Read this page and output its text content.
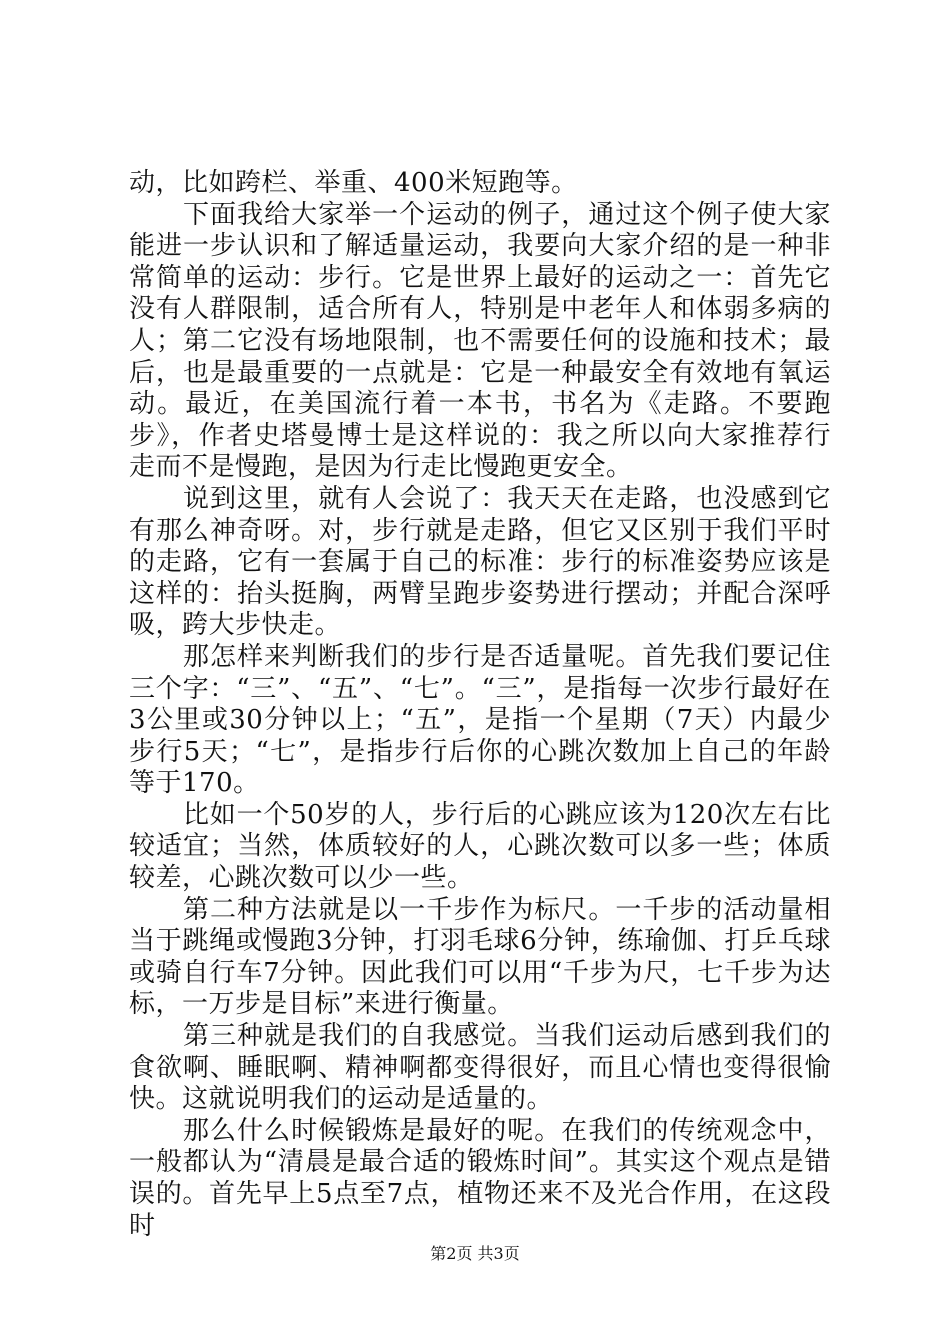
动，比如跨栏、举重、400米短跑等。

下面我给大家举一个运动的例子，通过这个例子使大家能进一步认识和了解适量运动，我要向大家介绍的是一种非常简单的运动：步行。它是世界上最好的运动之一：首先它没有人群限制，适合所有人，特别是中老年人和体弱多病的人；第二它没有场地限制，也不需要任何的设施和技术；最后，也是最重要的一点就是：它是一种最安全有效地有氧运动。最近，在美国流行着一本书，书名为《走路。不要跑步》，作者史塔曼博士是这样说的：我之所以向大家推荐行走而不是慢跑，是因为行走比慢跑更安全。

说到这里，就有人会说了：我天天在走路，也没感到它有那么神奇呀。对，步行就是走路，但它又区别于我们平时的走路，它有一套属于自己的标准：步行的标准姿势应该是这样的：抬头挺胸，两臂呈跑步姿势进行摆动；并配合深呼吸，跨大步快走。

那怎样来判断我们的步行是否适量呢。首先我们要记住三个字：“三”、“五”、“七”。“三”，是指每一次步行最好在3公里或30分钟以上；“五”，是指一个星期（7天）内最少步行5天；“七”，是指步行后你的心跳次数加上自己的年龄等于170。

比如一个50岁的人，步行后的心跳应该为120次左右比较适宜；当然，体质较好的人，心跳次数可以多一些；体质较差，心跳次数可以少一些。

第二种方法就是以一千步作为标尺。一千步的活动量相当于跳绳或慢跑3分钟，打羽毛球6分钟，练瑜伽、打乒乓球或骑自行车7分钟。因此我们可以用“千步为尺，七千步为达标，一万步是目标”来进行衡量。

第三种就是我们的自我感觉。当我们运动后感到我们的食欲啊、睡眠啊、精神啊都变得很好，而且心情也变得很愉快。这就说明我们的运动是适量的。

那么什么时候锻炼是最好的呢。在我们的传统观念中，一般都认为“清晨是最合适的锻炼时间”。其实这个观点是错误的。首先早上5点至7点，植物还来不及光合作用，在这段时

第2页 共3页
